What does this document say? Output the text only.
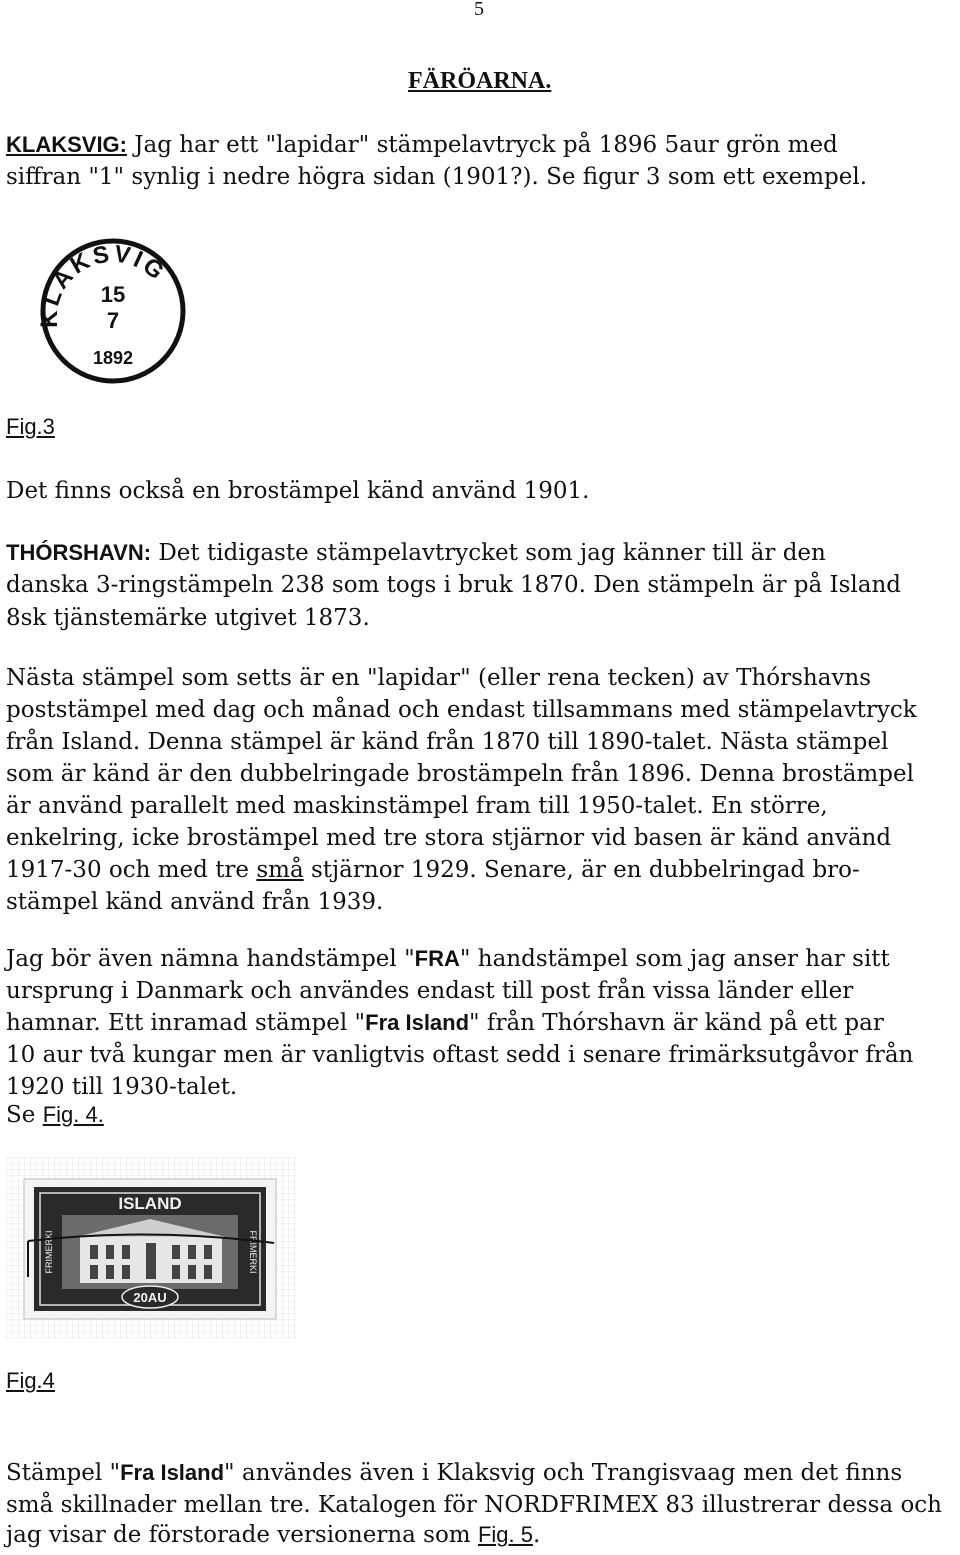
5
FÄRÖARNA.
KLAKSVIG: Jag har ett "lapidar" stämpelavtryck på 1896 5aur grön med
siffran "1" synlig i nedre högra sidan (1901?). Se figur 3 som ett exempel.
KLAKSVIG
15
7
1892
Fig.3
Det finns också en brostämpel känd använd 1901.
THÓRSHAVN: Det tidigaste stämpelavtrycket som jag känner till är den
danska 3-ringstämpeln 238 som togs i bruk 1870. Den stämpeln är på Island
8sk tjänstemärke utgivet 1873.
Nästa stämpel som setts är en "lapidar" (eller rena tecken) av Thórshavns
poststämpel med dag och månad och endast tillsammans med stämpelavtryck
från Island. Denna stämpel är känd från 1870 till 1890-talet. Nästa stämpel
som är känd är den dubbelringade brostämpeln från 1896. Denna brostämpel
är använd parallelt med maskinstämpel fram till 1950-talet. En större,
enkelring, icke brostämpel med tre stora stjärnor vid basen är känd använd
1917-30 och med tre små stjärnor 1929. Senare, är en dubbelringad bro-
stämpel känd använd från 1939.
Jag bör även nämna handstämpel "FRA" handstämpel som jag anser har sitt
ursprung i Danmark och användes endast till post från vissa länder eller
hamnar. Ett inramad stämpel "Fra Island" från Thórshavn är känd på ett par
10 aur två kungar men är vanligtvis oftast sedd i senare frimärksutgåvor från
1920 till 1930-talet.
Se Fig. 4.
ISLAND
FRIMERKI	FRIMERKI
20AU
Fig.4
Stämpel "Fra Island" användes även i Klaksvig och Trangisvaag men det finns
små skillnader mellan tre. Katalogen för NORDFRIMEX 83 illustrerar dessa och
jag visar de förstorade versionerna som Fig. 5.
